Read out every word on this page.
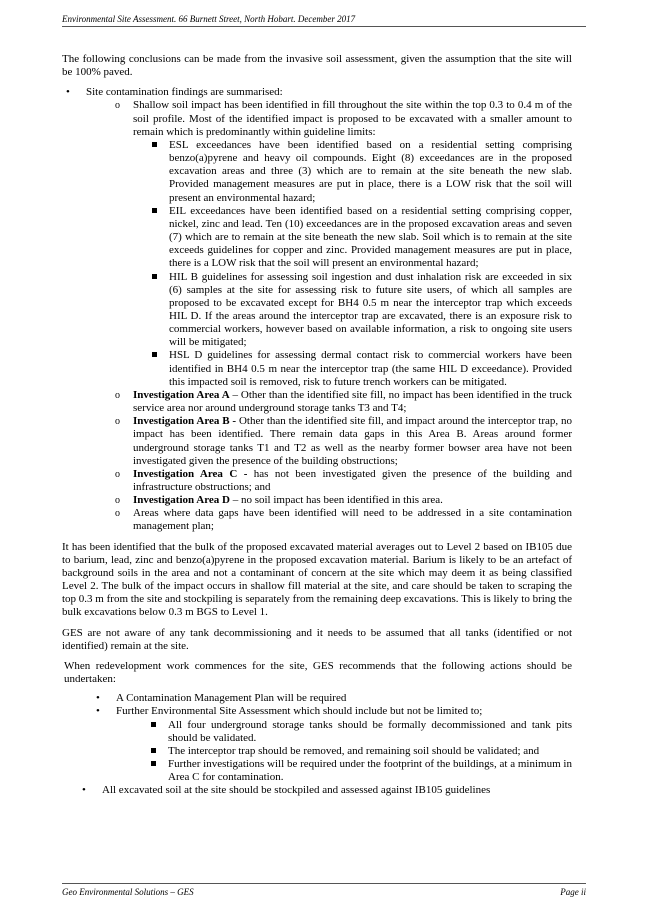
Environmental Site Assessment. 66 Burnett Street, North Hobart. December 2017

The following conclusions can be made from the invasive soil assessment, given the assumption that the site will be 100% paved.

• Site contamination findings are summarised:
o Shallow soil impact has been identified in fill throughout the site within the top 0.3 to 0.4 m of the soil profile. Most of the identified impact is proposed to be excavated with a smaller amount to remain which is predominantly within guideline limits:
ESL exceedances have been identified based on a residential setting comprising benzo(a)pyrene and heavy oil compounds. Eight (8) exceedances are in the proposed excavation areas and three (3) which are to remain at the site beneath the new slab. Provided management measures are put in place, there is a LOW risk that the soil will present an environmental hazard;
EIL exceedances have been identified based on a residential setting comprising copper, nickel, zinc and lead. Ten (10) exceedances are in the proposed excavation areas and seven (7) which are to remain at the site beneath the new slab. Soil which is to remain at the site exceeds guidelines for copper and zinc. Provided management measures are put in place, there is a LOW risk that the soil will present an environmental hazard;
HIL B guidelines for assessing soil ingestion and dust inhalation risk are exceeded in six (6) samples at the site for assessing risk to future site users, of which all samples are proposed to be excavated except for BH4 0.5 m near the interceptor trap which exceeds HIL D. If the areas around the interceptor trap are excavated, there is an exposure risk to commercial workers, however based on available information, a risk to ongoing site users will be mitigated;
HSL D guidelines for assessing dermal contact risk to commercial workers have been identified in BH4 0.5 m near the interceptor trap (the same HIL D exceedance). Provided this impacted soil is removed, risk to future trench workers can be mitigated.
o Investigation Area A – Other than the identified site fill, no impact has been identified in the truck service area nor around underground storage tanks T3 and T4;
o Investigation Area B - Other than the identified site fill, and impact around the interceptor trap, no impact has been identified. There remain data gaps in this Area B. Areas around former underground storage tanks T1 and T2 as well as the nearby former bowser area have not been investigated given the presence of the building obstructions;
o Investigation Area C - has not been investigated given the presence of the building and infrastructure obstructions; and
o Investigation Area D – no soil impact has been identified in this area.
o Areas where data gaps have been identified will need to be addressed in a site contamination management plan;

It has been identified that the bulk of the proposed excavated material averages out to Level 2 based on IB105 due to barium, lead, zinc and benzo(a)pyrene in the proposed excavation material. Barium is likely to be an artefact of background soils in the area and not a contaminant of concern at the site which may deem it as being classified Level 2. The bulk of the impact occurs in shallow fill material at the site, and care should be taken to scraping the top 0.3 m from the site and stockpiling is separately from the remaining deep excavations. This is likely to bring the bulk excavations below 0.3 m BGS to Level 1.

GES are not aware of any tank decommissioning and it needs to be assumed that all tanks (identified or not identified) remain at the site.

When redevelopment work commences for the site, GES recommends that the following actions should be undertaken:

• A Contamination Management Plan will be required
• Further Environmental Site Assessment which should include but not be limited to;
All four underground storage tanks should be formally decommissioned and tank pits should be validated.
The interceptor trap should be removed, and remaining soil should be validated; and
Further investigations will be required under the footprint of the buildings, at a minimum in Area C for contamination.
• All excavated soil at the site should be stockpiled and assessed against IB105 guidelines
Geo Environmental Solutions – GES	Page ii
